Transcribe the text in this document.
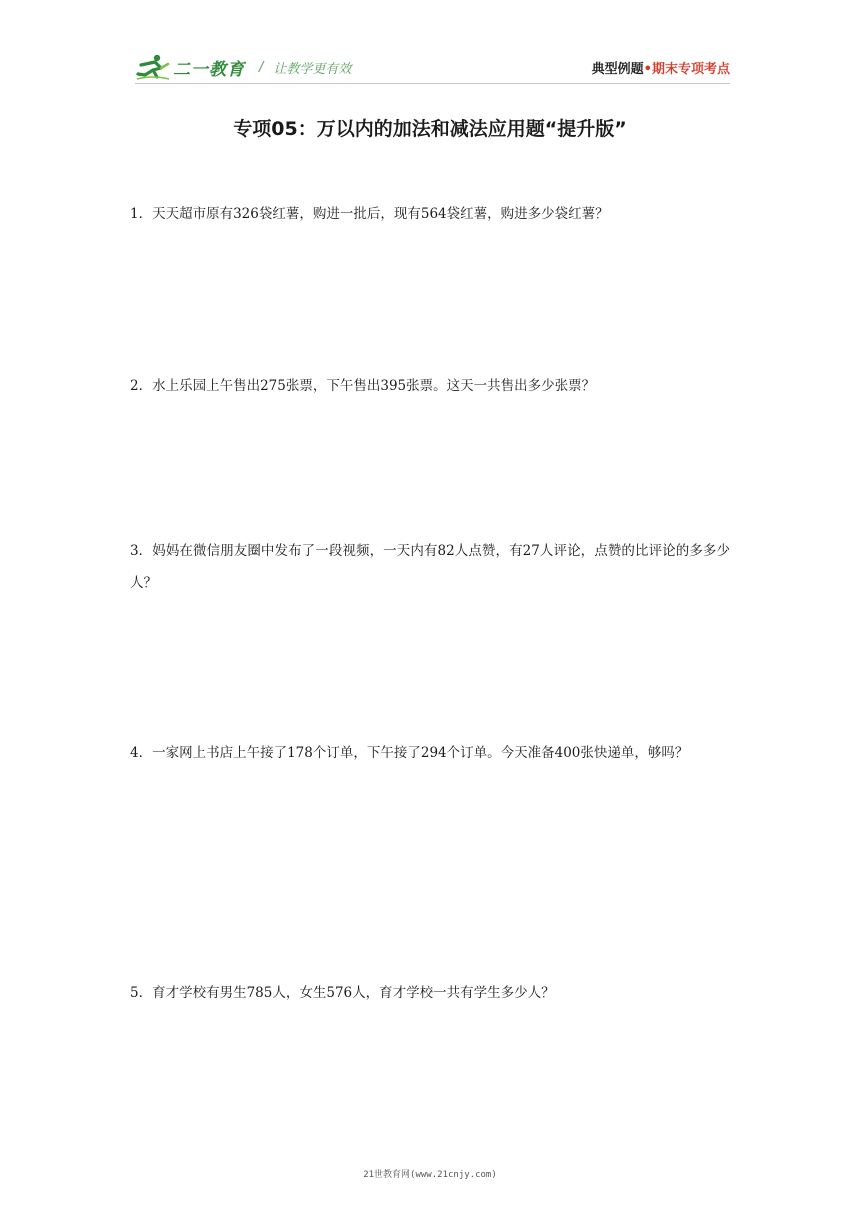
二一教育 / 让教学更有效	典型例题•期末专项考点
专项05：万以内的加法和减法应用题“提升版”
1．天天超市原有326袋红薯，购进一批后，现有564袋红薯，购进多少袋红薯？
2．水上乐园上午售出275张票，下午售出395张票。这天一共售出多少张票？
3．妈妈在微信朋友圈中发布了一段视频，一天内有82人点赞，有27人评论，点赞的比评论的多多少人？
4．一家网上书店上午接了178个订单，下午接了294个订单。今天准备400张快递单，够吗？
5．育才学校有男生785人，女生576人，育才学校一共有学生多少人？
21世教育网(www.21cnjy.com)
